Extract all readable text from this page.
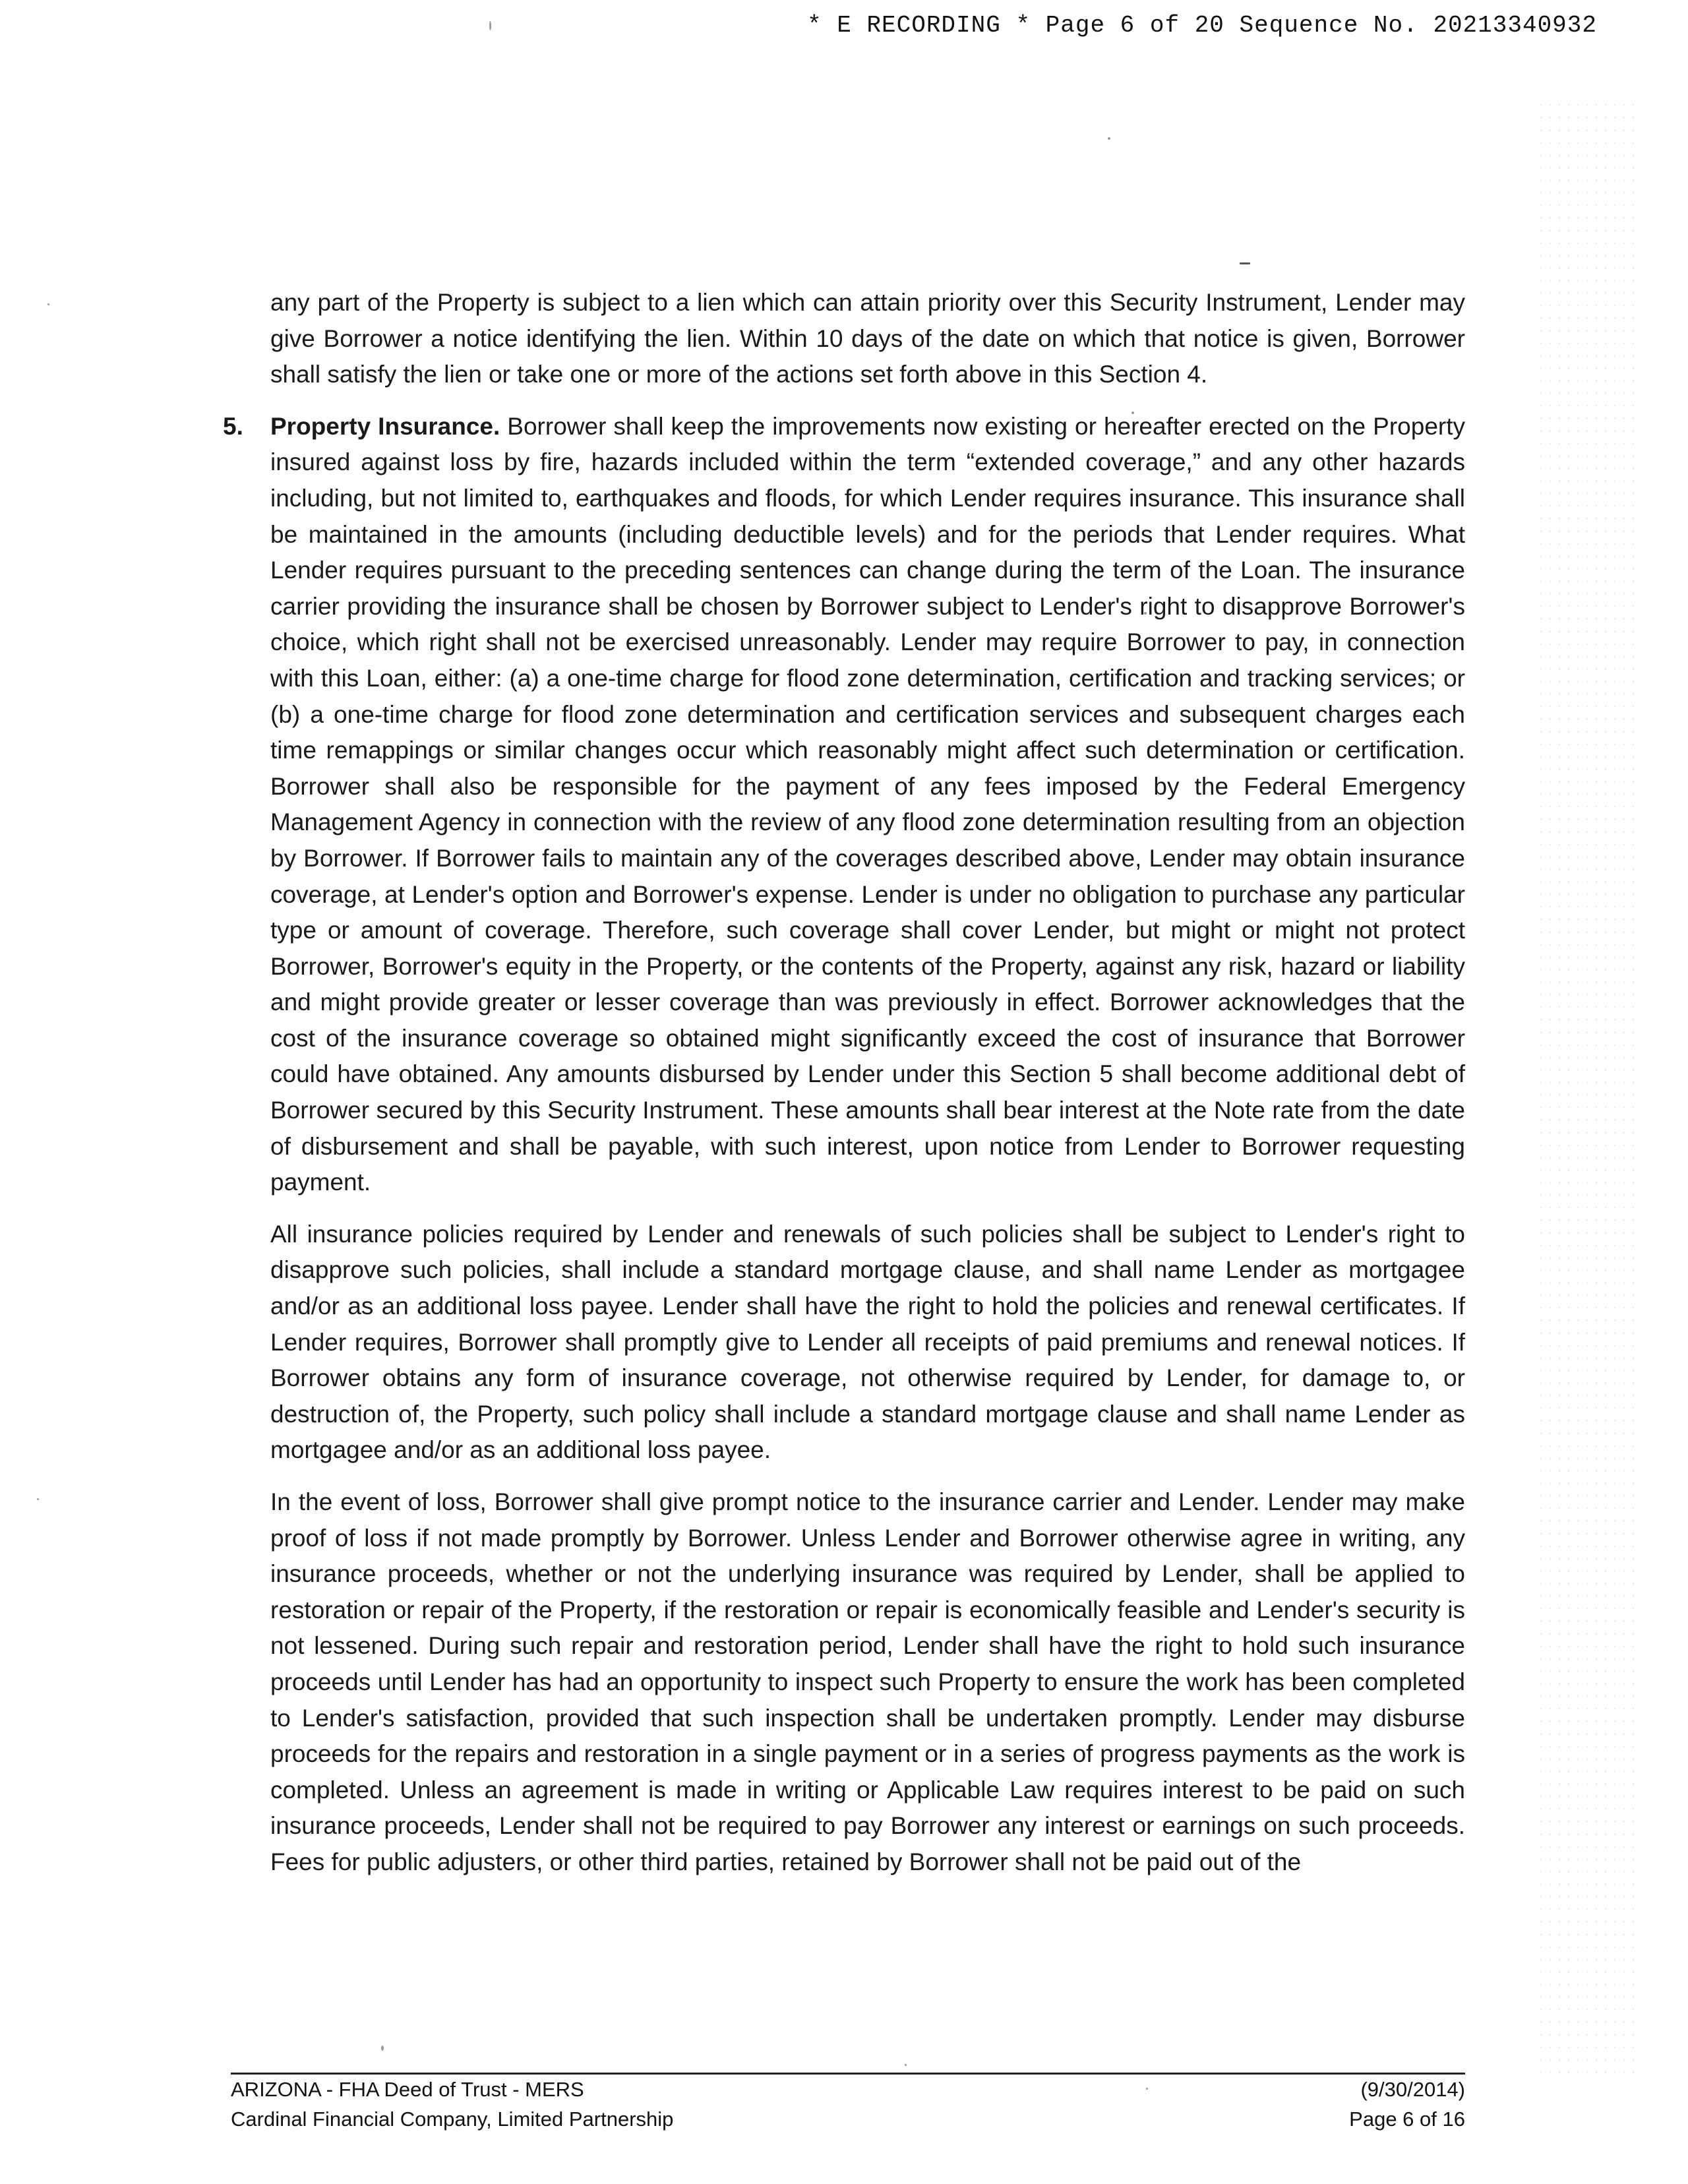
* E RECORDING * Page 6 of 20 Sequence No. 20213340932

any part of the Property is subject to a lien which can attain priority over this Security Instrument, Lender may give Borrower a notice identifying the lien. Within 10 days of the date on which that notice is given, Borrower shall satisfy the lien or take one or more of the actions set forth above in this Section 4.

5. Property Insurance. Borrower shall keep the improvements now existing or hereafter erected on the Property insured against loss by fire, hazards included within the term “extended coverage,” and any other hazards including, but not limited to, earthquakes and floods, for which Lender requires insurance. This insurance shall be maintained in the amounts (including deductible levels) and for the periods that Lender requires. What Lender requires pursuant to the preceding sentences can change during the term of the Loan. The insurance carrier providing the insurance shall be chosen by Borrower subject to Lender's right to disapprove Borrower's choice, which right shall not be exercised unreasonably. Lender may require Borrower to pay, in connection with this Loan, either: (a) a one-time charge for flood zone determination, certification and tracking services; or (b) a one-time charge for flood zone determination and certification services and subsequent charges each time remappings or similar changes occur which reasonably might affect such determination or certification. Borrower shall also be responsible for the payment of any fees imposed by the Federal Emergency Management Agency in connection with the review of any flood zone determination resulting from an objection by Borrower. If Borrower fails to maintain any of the coverages described above, Lender may obtain insurance coverage, at Lender's option and Borrower's expense. Lender is under no obligation to purchase any particular type or amount of coverage. Therefore, such coverage shall cover Lender, but might or might not protect Borrower, Borrower's equity in the Property, or the contents of the Property, against any risk, hazard or liability and might provide greater or lesser coverage than was previously in effect. Borrower acknowledges that the cost of the insurance coverage so obtained might significantly exceed the cost of insurance that Borrower could have obtained. Any amounts disbursed by Lender under this Section 5 shall become additional debt of Borrower secured by this Security Instrument. These amounts shall bear interest at the Note rate from the date of disbursement and shall be payable, with such interest, upon notice from Lender to Borrower requesting payment.

All insurance policies required by Lender and renewals of such policies shall be subject to Lender's right to disapprove such policies, shall include a standard mortgage clause, and shall name Lender as mortgagee and/or as an additional loss payee. Lender shall have the right to hold the policies and renewal certificates. If Lender requires, Borrower shall promptly give to Lender all receipts of paid premiums and renewal notices. If Borrower obtains any form of insurance coverage, not otherwise required by Lender, for damage to, or destruction of, the Property, such policy shall include a standard mortgage clause and shall name Lender as mortgagee and/or as an additional loss payee.

In the event of loss, Borrower shall give prompt notice to the insurance carrier and Lender. Lender may make proof of loss if not made promptly by Borrower. Unless Lender and Borrower otherwise agree in writing, any insurance proceeds, whether or not the underlying insurance was required by Lender, shall be applied to restoration or repair of the Property, if the restoration or repair is economically feasible and Lender's security is not lessened. During such repair and restoration period, Lender shall have the right to hold such insurance proceeds until Lender has had an opportunity to inspect such Property to ensure the work has been completed to Lender's satisfaction, provided that such inspection shall be undertaken promptly. Lender may disburse proceeds for the repairs and restoration in a single payment or in a series of progress payments as the work is completed. Unless an agreement is made in writing or Applicable Law requires interest to be paid on such insurance proceeds, Lender shall not be required to pay Borrower any interest or earnings on such proceeds. Fees for public adjusters, or other third parties, retained by Borrower shall not be paid out of the

ARIZONA - FHA Deed of Trust - MERS	(9/30/2014)
Cardinal Financial Company, Limited Partnership	Page 6 of 16
